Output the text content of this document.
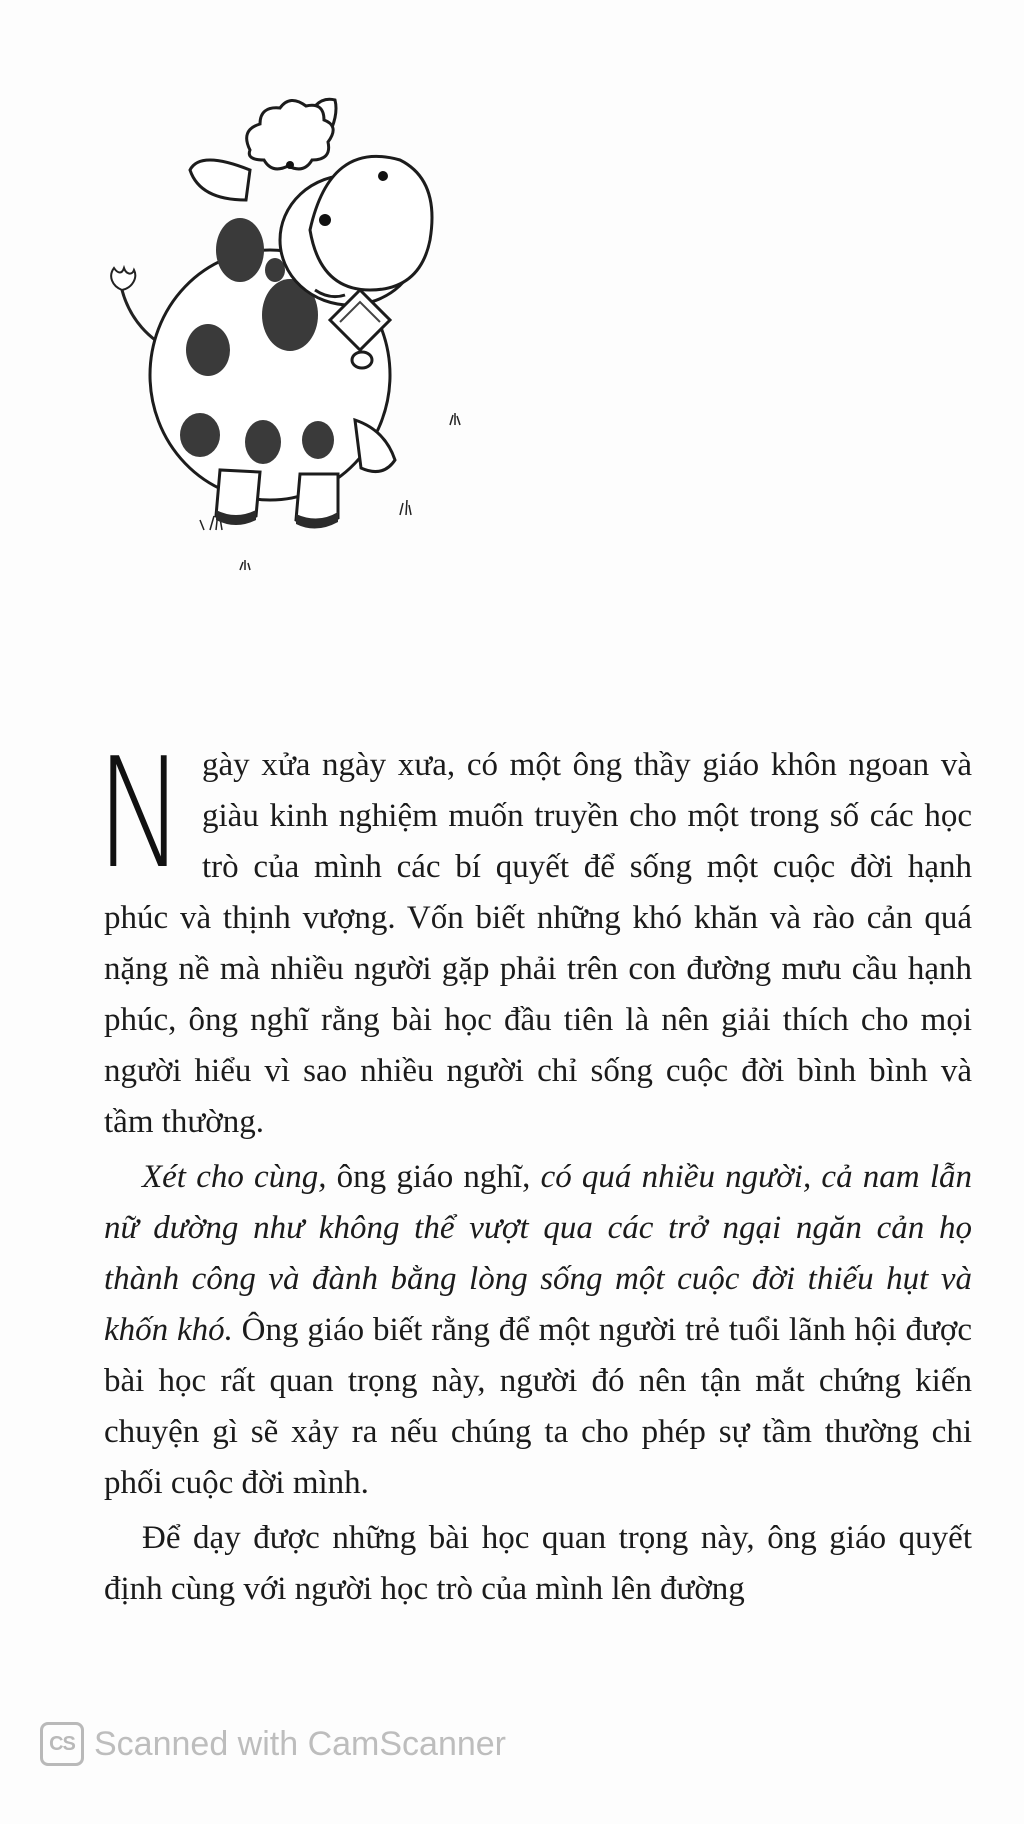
Ngày xửa ngày xưa, có một ông thầy giáo khôn ngoan và giàu kinh nghiệm muốn truyền cho một trong số các học trò của mình các bí quyết để sống một cuộc đời hạnh phúc và thịnh vượng. Vốn biết những khó khăn và rào cản quá nặng nề mà nhiều người gặp phải trên con đường mưu cầu hạnh phúc, ông nghĩ rằng bài học đầu tiên là nên giải thích cho mọi người hiểu vì sao nhiều người chỉ sống cuộc đời bình bình và tầm thường.

Xét cho cùng, ông giáo nghĩ, có quá nhiều người, cả nam lẫn nữ dường như không thể vượt qua các trở ngại ngăn cản họ thành công và đành bằng lòng sống một cuộc đời thiếu hụt và khốn khó. Ông giáo biết rằng để một người trẻ tuổi lãnh hội được bài học rất quan trọng này, người đó nên tận mắt chứng kiến chuyện gì sẽ xảy ra nếu chúng ta cho phép sự tầm thường chi phối cuộc đời mình.

Để dạy được những bài học quan trọng này, ông giáo quyết định cùng với người học trò của mình lên đường

CS Scanned with CamScanner
